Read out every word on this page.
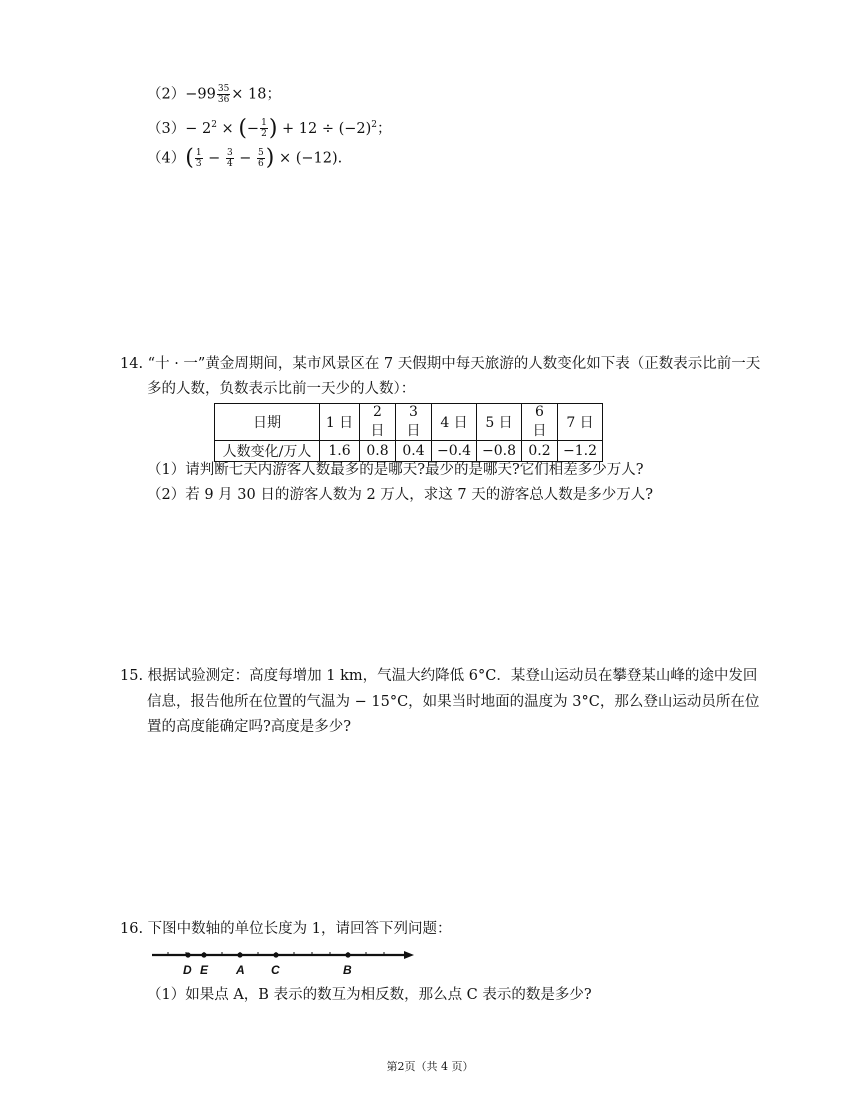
$(2)-99 \frac{35}{36} \times 18$；
$(3)- 2^2$ × (− $\frac{1}{2}$ ) + $12 \div (-2)^2$；
$(4)( \frac{1}{3} - \frac{3}{4} - \frac{5}{6}$ ) × (−12).
14. “十 · 一”黄金周期间，某市风景区在 7 天假期中每天旅游的人数变化如下表（正数表示比前一天
多的人数，负数表示比前一天少的人数）：
日期	1 日	2 日	3 日	4 日	5 日	6 日	7 日
人数变化/万人	1.6	0.8	0.4	−0.4	−0.8	0.2	−1.2
（1）请判断七天内游客人数最多的是哪天?最少的是哪天?它们相差多少万人?
（2）若 9 月 30 日的游客人数为 2 万人，求这 7 天的游客总人数是多少万人?
15. 根据试验测定：高度每增加 1 km，气温大约降低 6°C．某登山运动员在攀登某山峰的途中发回
信息，报告他所在位置的气温为 − 15°C，如果当时地面的温度为 3°C，那么登山运动员所在位
置的高度能确定吗?高度是多少?
16. 下图中数轴的单位长度为 1，请回答下列问题：
D E A C	B
（1）如果点 A，B 表示的数互为相反数，那么点 C 表示的数是多少?
第2页（共 4 页）
